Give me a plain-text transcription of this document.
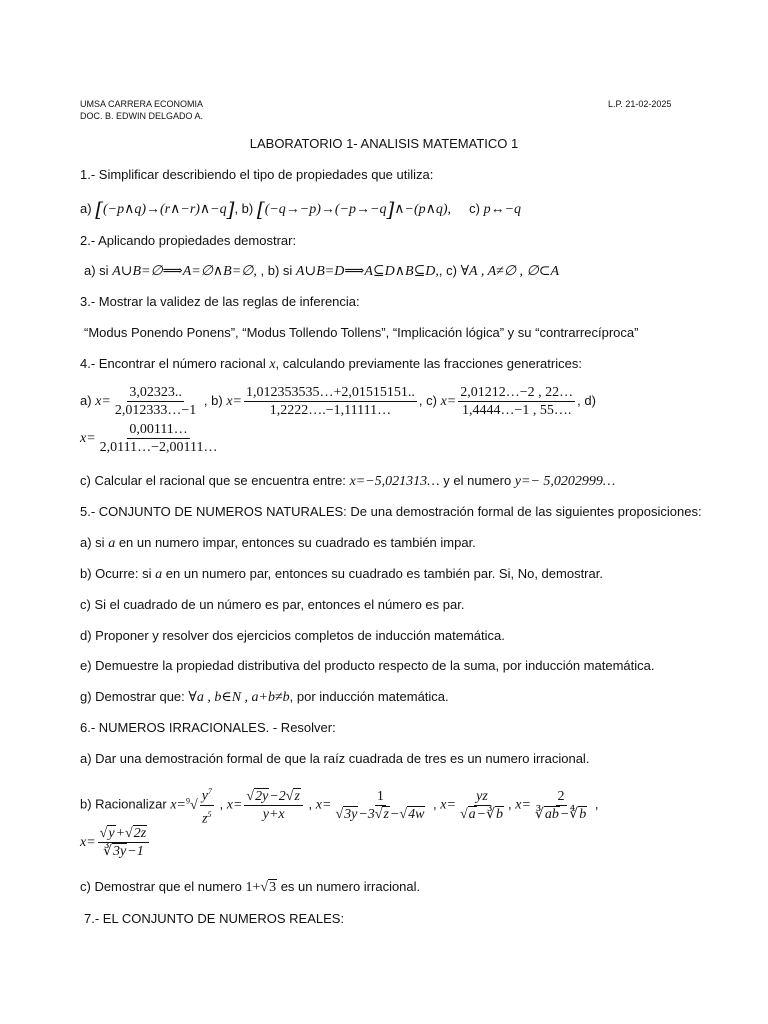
UMSA CARRERA ECONOMIA
DOC. B. EDWIN DELGADO A.
L.P. 21-02-2025
LABORATORIO 1- ANALISIS MATEMATICO 1
1.- Simplificar describiendo el tipo de propiedades que utiliza:
a) [(−p∧q)→(r∧−r)∧−q], b) [(−q→−p)→(−p→−q]∧−(p∧q), c) p↔−q
2.- Aplicando propiedades demostrar:
a) si A∪B=∅⟹A=∅∧B=∅, , b) si A∪B=D⟹A⊆D∧B⊆D,, c) ∀A , A≠∅ , ∅⊂A
3.- Mostrar la validez de las reglas de inferencia:
“Modus Ponendo Ponens”, “Modus Tollendo Tollens”, “Implicación lógica” y su “contrarrecíproca”
4.- Encontrar el número racional x, calculando previamente las fracciones generatrices:
a) $x= \frac{3,02323..}{2,012333\dots-1}$ , b) $x= \frac{1,012353535\dots+2,01515151..}{1,2222\dots.-1,11111\dots}$ , c) $x= \frac{2,01212\dots-2 , 22\dots}{1,4444\dots-1 , 55\dots.}$ , d)
$x= \frac{0,00111\dots}{2,0111\dots-2,00111\dots}$
c) Calcular el racional que se encuentra entre: x=−5,021313… y el numero y=− 5,0202999…
5.- CONJUNTO DE NUMEROS NATURALES: De una demostración formal de las siguientes proposiciones:
a) si a en un numero impar, entonces su cuadrado es también impar.
b) Ocurre: si a en un numero par, entonces su cuadrado es también par. Si, No, demostrar.
c) Si el cuadrado de un número es par, entonces el número es par.
d) Proponer y resolver dos ejercicios completos de inducción matemática.
e) Demuestre la propiedad distributiva del producto respecto de la suma, por inducción matemática.
g) Demostrar que: ∀a , b∈N , a+b≠b, por inducción matemática.
6.- NUMEROS IRRACIONALES. - Resolver:
a) Dar una demostración formal de que la raíz cuadrada de tres es un numero irracional.
b) Racionalizar $x=^9√ \frac{y^7}{z^5}$ , $x= \frac{√2y-2√z}{y+x}$ , $x= \frac{1}{√3y-3√z-√4w}$ , $x= \frac{yz}{√a-∛b}$ , $x= \frac{2}{∛ab-∜b}$ ,
$x= \frac{√y+√2z}{∛3y-1}$
c) Demostrar que el numero 1+√3 es un numero irracional.
7.- EL CONJUNTO DE NUMEROS REALES:
